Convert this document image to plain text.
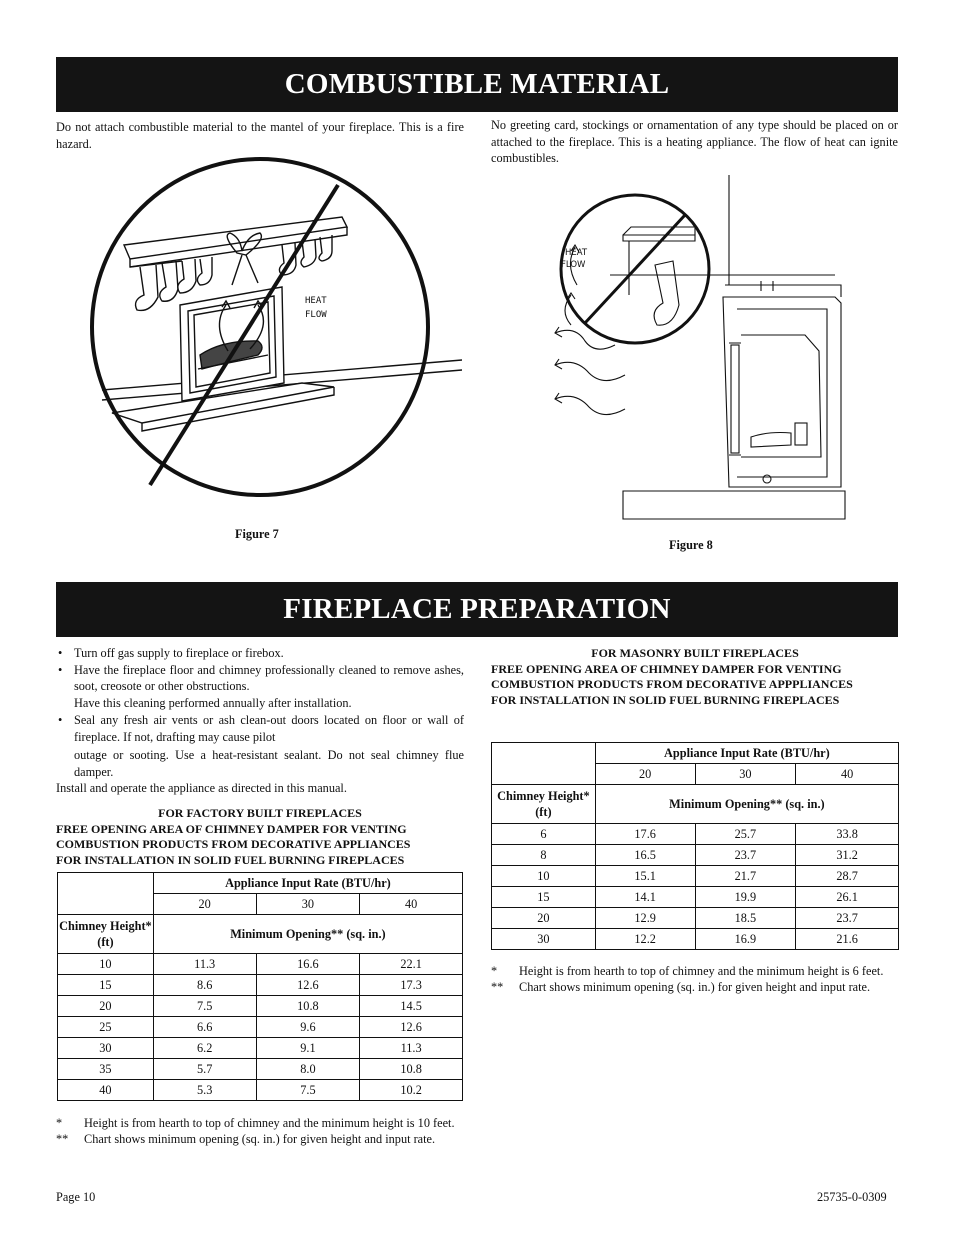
COMBUSTIBLE MATERIAL

Do not attach combustible material to the mantel of your fireplace. This is a fire hazard.

No greeting card, stockings or ornamentation of any type should be placed on or attached to the fireplace. This is a heating appliance. The flow of heat can ignite combustibles.

HEAT
FLOW
Figure 7
HEAT
FLOW
Figure 8
FIREPLACE PREPARATION
• Turn off gas supply to fireplace or firebox.
• Have the fireplace floor and chimney professionally cleaned to remove ashes, soot, creosote or other obstructions.
Have this cleaning performed annually after installation.
• Seal any fresh air vents or ash clean-out doors located on floor or wall of fireplace. If not, drafting may cause pilot

outage or sooting. Use a heat-resistant sealant. Do not seal chimney flue damper.

Install and operate the appliance as directed in this manual.

FOR FACTORY BUILT FIREPLACES
FREE OPENING AREA OF CHIMNEY DAMPER FOR VENTING
COMBUSTION PRODUCTS FROM DECORATIVE APPLIANCES
FOR INSTALLATION IN SOLID FUEL BURNING FIREPLACES
	Appliance Input Rate (BTU/hr)		
	20	30	40
Chimney Height* (ft)	Minimum Opening** (sq. in.)		
10	11.3	16.6	22.1
15	8.6	12.6	17.3
20	7.5	10.8	14.5
25	6.6	9.6	12.6
30	6.2	9.1	11.3
35	5.7	8.0	10.8
40	5.3	7.5	10.2
* Height is from hearth to top of chimney and the minimum height is 10 feet.
** Chart shows minimum opening (sq. in.) for given height and input rate.
FOR MASONRY BUILT FIREPLACES
FREE OPENING AREA OF CHIMNEY DAMPER FOR VENTING
COMBUSTION PRODUCTS FROM DECORATIVE APPPLIANCES
FOR INSTALLATION IN SOLID FUEL BURNING FIREPLACES
	Appliance Input Rate (BTU/hr)		
	20	30	40
Chimney Height* (ft)	Minimum Opening** (sq. in.)		
6	17.6	25.7	33.8
8	16.5	23.7	31.2
10	15.1	21.7	28.7
15	14.1	19.9	26.1
20	12.9	18.5	23.7
30	12.2	16.9	21.6
* Height is from hearth to top of chimney and the minimum height is 6 feet.
** Chart shows minimum opening (sq. in.) for given height and input rate.
Page 10	25735-0-0309
